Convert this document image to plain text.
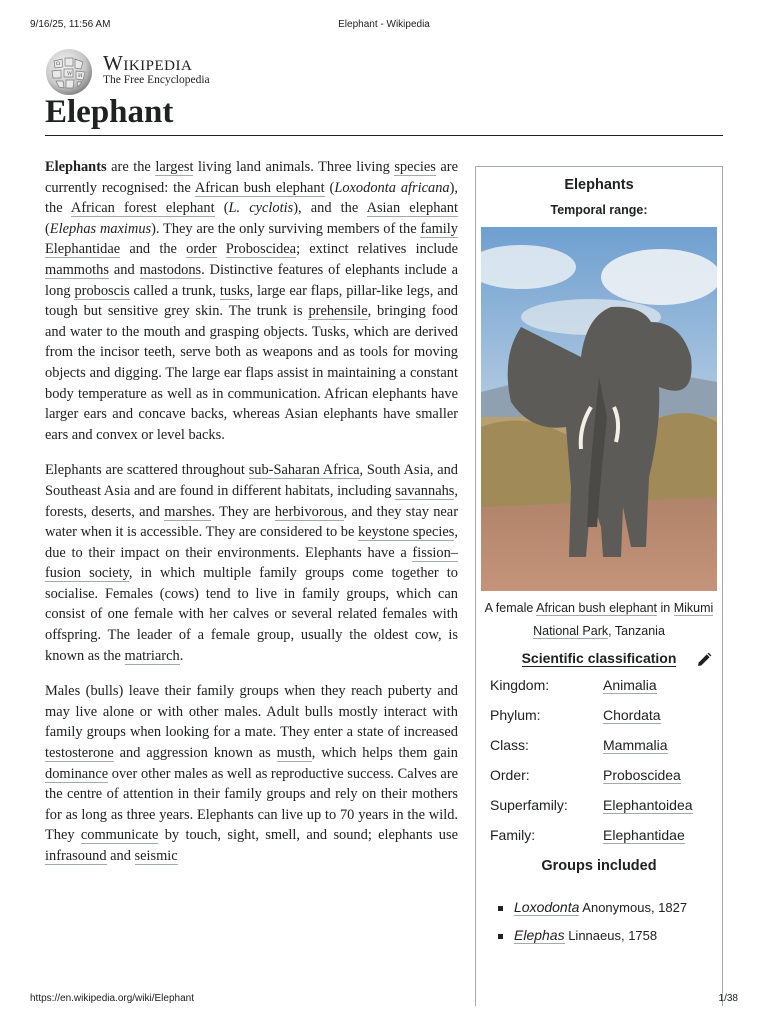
9/16/25, 11:56 AM	Elephant - Wikipedia
Ω
W И
Wikipedia
The Free Encyclopedia
Elephant

Elephants are the largest living land animals. Three living species are currently recognised: the African bush elephant (Loxodonta africana), the African forest elephant (L. cyclotis), and the Asian elephant (Elephas maximus). They are the only surviving members of the family Elephantidae and the order Proboscidea; extinct relatives include mammoths and mastodons. Distinctive features of elephants include a long proboscis called a trunk, tusks, large ear flaps, pillar-like legs, and tough but sensitive grey skin. The trunk is prehensile, bringing food and water to the mouth and grasping objects. Tusks, which are derived from the incisor teeth, serve both as weapons and as tools for moving objects and digging. The large ear flaps assist in maintaining a constant body temperature as well as in communication. African elephants have larger ears and concave backs, whereas Asian elephants have smaller ears and convex or level backs.

Elephants are scattered throughout sub-Saharan Africa, South Asia, and Southeast Asia and are found in different habitats, including savannahs, forests, deserts, and marshes. They are herbivorous, and they stay near water when it is accessible. They are considered to be keystone species, due to their impact on their environments. Elephants have a fission–fusion society, in which multiple family groups come together to socialise. Females (cows) tend to live in family groups, which can consist of one female with her calves or several related females with offspring. The leader of a female group, usually the oldest cow, is known as the matriarch.

Males (bulls) leave their family groups when they reach puberty and may live alone or with other males. Adult bulls mostly interact with family groups when looking for a mate. They enter a state of increased testosterone and aggression known as musth, which helps them gain dominance over other males as well as reproductive success. Calves are the centre of attention in their family groups and rely on their mothers for as long as three years. Elephants can live up to 70 years in the wild. They communicate by touch, sight, smell, and sound; elephants use infrasound and seismic

Elephants
Temporal range:
A female African bush elephant in Mikumi National Park, Tanzania
Scientific classification
Kingdom:	Animalia
Phylum:	Chordata
Class:	Mammalia
Order:	Proboscidea
Superfamily:	Elephantoidea
Family:	Elephantidae
Groups included
Loxodonta Anonymous, 1827
Elephas Linnaeus, 1758
https://en.wikipedia.org/wiki/Elephant	1/38
